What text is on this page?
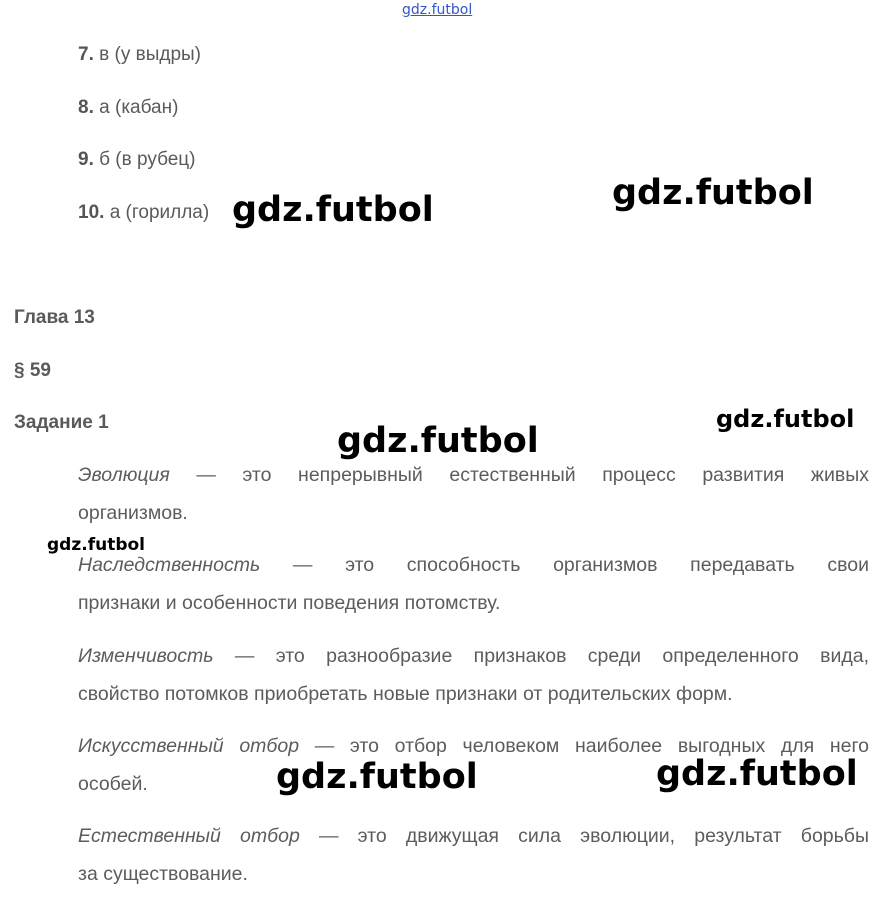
gdz.futbol
7. в (у выдры)
8. а (кабан)
9. б (в рубец)
10. а (горилла)
Глава 13
§ 59
Задание 1
Эволюция — это непрерывный естественный процесс развития живых
организмов.
Наследственность — это способность организмов передавать свои
признаки и особенности поведения потомству.
Изменчивость — это разнообразие признаков среди определенного вида,
свойство потомков приобретать новые признаки от родительских форм.
Искусственный отбор — это отбор человеком наиболее выгодных для него
особей.
Естественный отбор — это движущая сила эволюции, результат борьбы
за существование.
gdz.futbol	gdz.futbol
gdz.futbol
gdz.futbol
gdz.futbol
gdz.futbol	gdz.futbol
